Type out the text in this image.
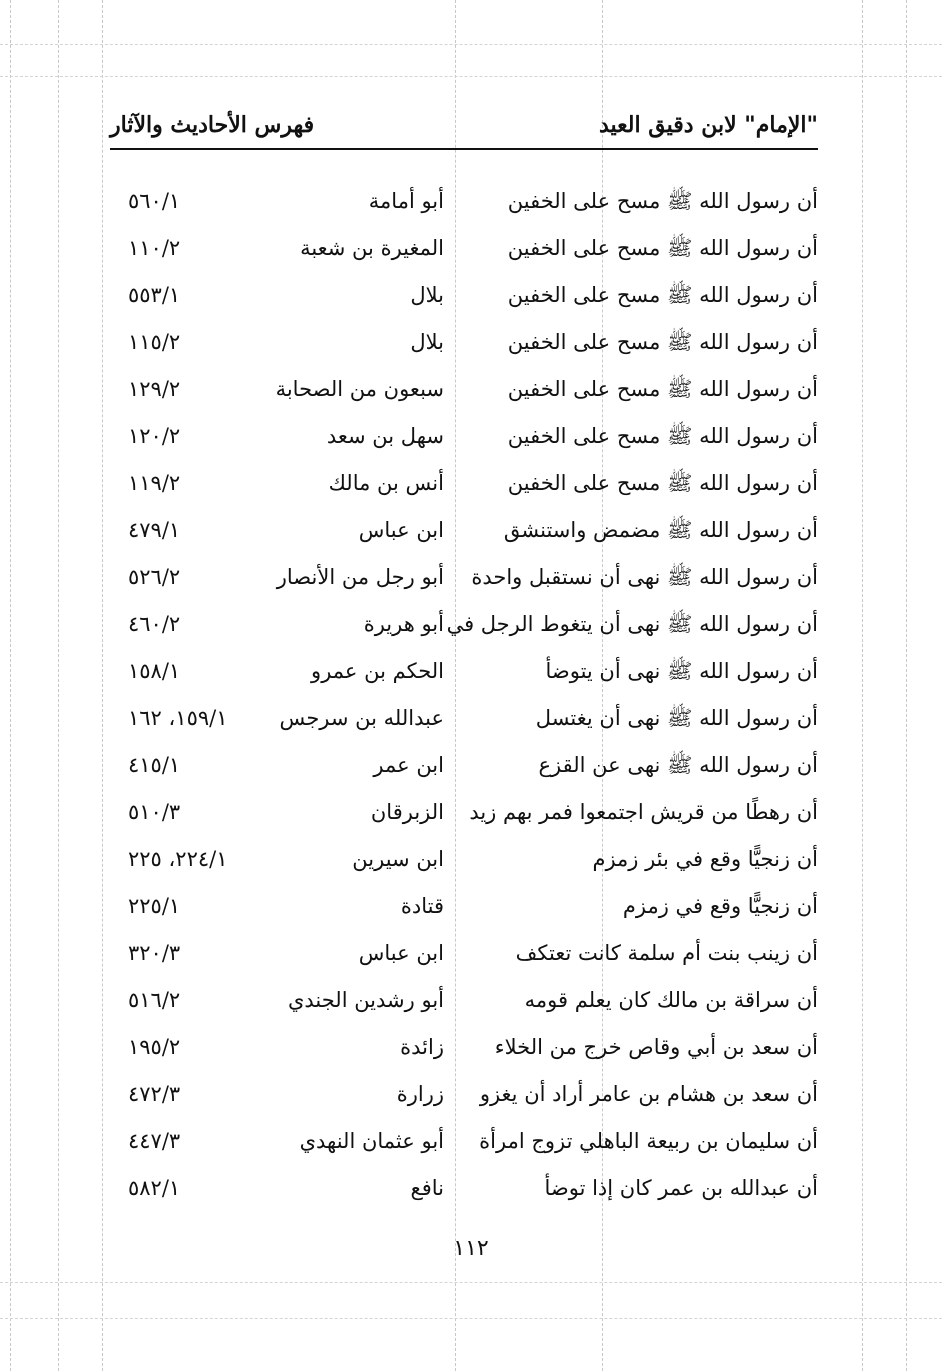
"الإمام" لابن دقيق العيد
فهرس الأحاديث والآثار
أن رسول الله ﷺ مسح على الخفين
أبو أمامة
٥٦٠/١
أن رسول الله ﷺ مسح على الخفين
المغيرة بن شعبة
١١٠/٢
أن رسول الله ﷺ مسح على الخفين
بلال
٥٥٣/١
أن رسول الله ﷺ مسح على الخفين
بلال
١١٥/٢
أن رسول الله ﷺ مسح على الخفين
سبعون من الصحابة
١٢٩/٢
أن رسول الله ﷺ مسح على الخفين
سهل بن سعد
١٢٠/٢
أن رسول الله ﷺ مسح على الخفين
أنس بن مالك
١١٩/٢
أن رسول الله ﷺ مضمض واستنشق
ابن عباس
٤٧٩/١
أن رسول الله ﷺ نهى أن نستقبل واحدة
أبو رجل من الأنصار
٥٢٦/٢
أن رسول الله ﷺ نهى أن يتغوط الرجل في
أبو هريرة
٤٦٠/٢
أن رسول الله ﷺ نهى أن يتوضأ
الحكم بن عمرو
١٥٨/١
أن رسول الله ﷺ نهى أن يغتسل
عبدالله بن سرجس
١٥٩/١، ١٦٢
أن رسول الله ﷺ نهى عن القزع
ابن عمر
٤١٥/١
أن رهطًا من قريش اجتمعوا فمر بهم زيد
الزبرقان
٥١٠/٣
أن زنجيًّا وقع في بئر زمزم
ابن سيرين
٢٢٤/١، ٢٢٥
أن زنجيًّا وقع في زمزم
قتادة
٢٢٥/١
أن زينب بنت أم سلمة كانت تعتكف
ابن عباس
٣٢٠/٣
أن سراقة بن مالك كان يعلم قومه
أبو رشدين الجندي
٥١٦/٢
أن سعد بن أبي وقاص خرج من الخلاء
زائدة
١٩٥/٢
أن سعد بن هشام بن عامر أراد أن يغزو
زرارة
٤٧٢/٣
أن سليمان بن ربيعة الباهلي تزوج امرأة
أبو عثمان النهدي
٤٤٧/٣
أن عبدالله بن عمر كان إذا توضأ
نافع
٥٨٢/١
١١٢
